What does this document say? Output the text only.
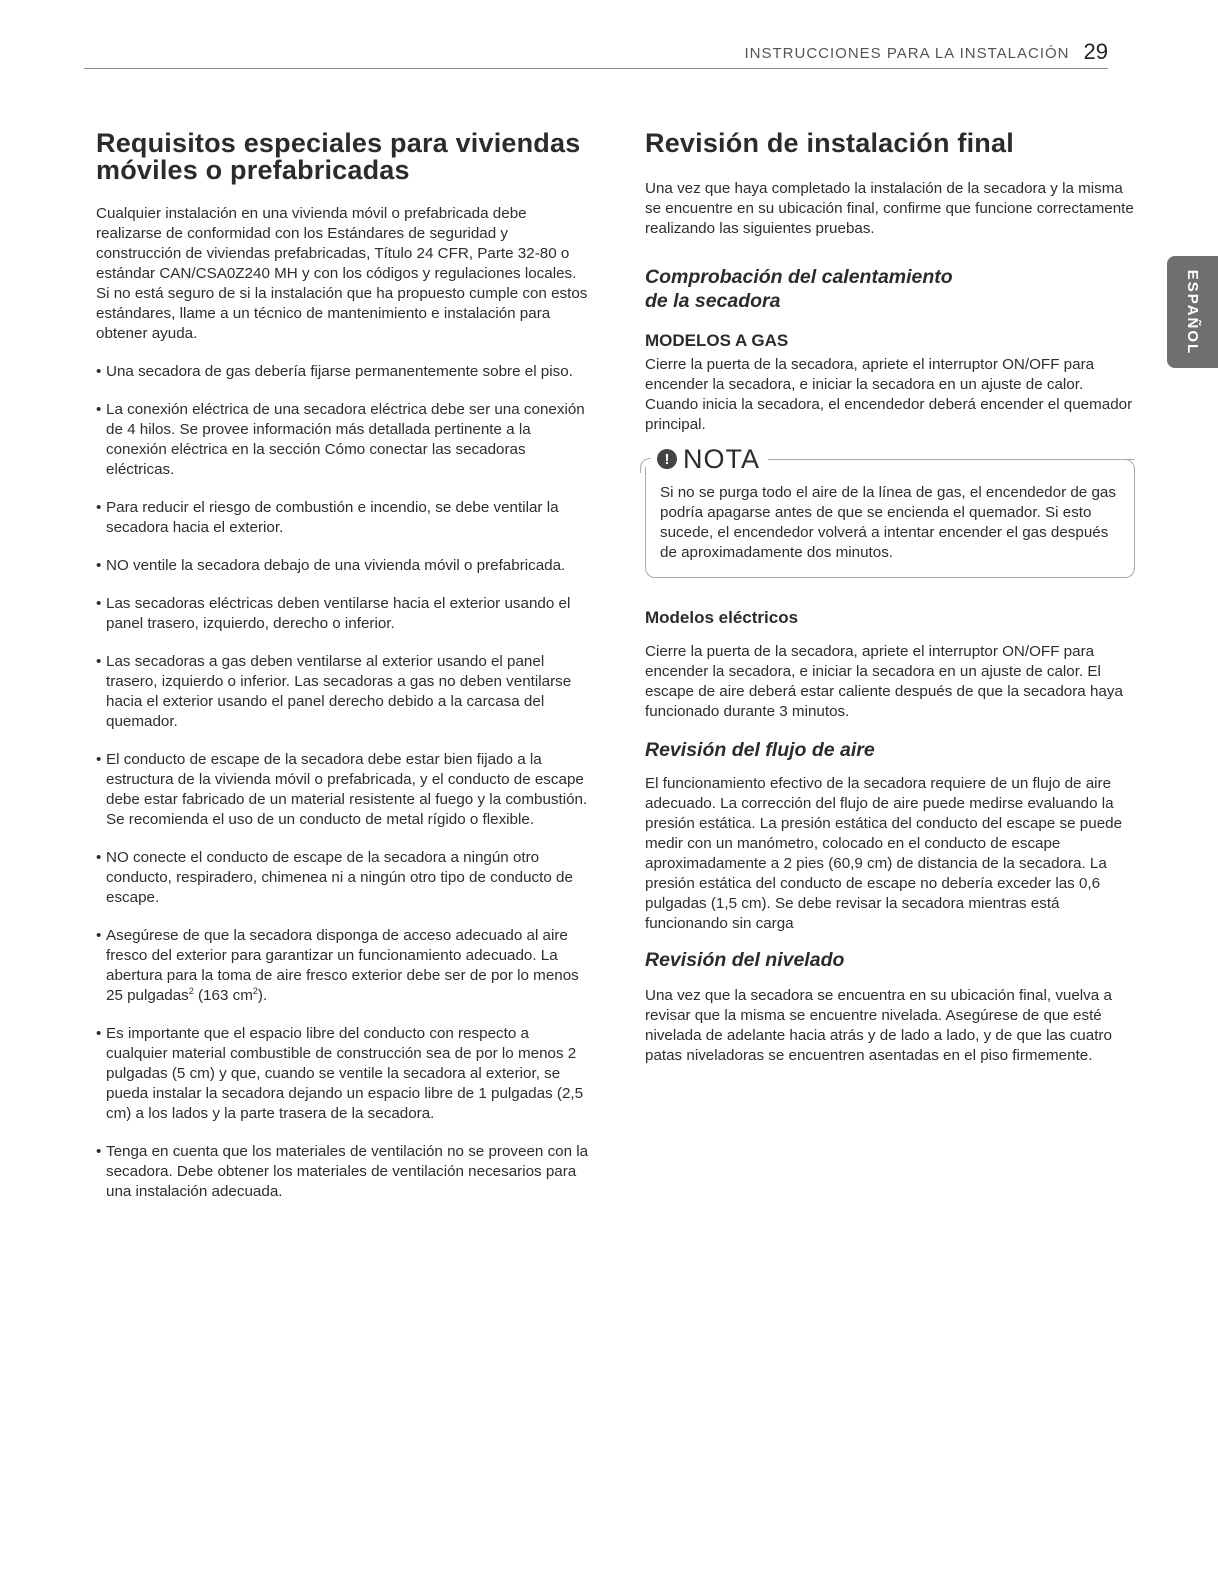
INSTRUCCIONES PARA LA INSTALACIÓN 29
ESPAÑOL
Requisitos especiales para viviendas
móviles o prefabricadas

Cualquier instalación en una vivienda móvil o prefabricada debe realizarse de conformidad con los Estándares de seguridad y construcción de viviendas prefabricadas, Título 24 CFR, Parte 32-80 o estándar CAN/CSA0Z240 MH y con los códigos y regulaciones locales. Si no está seguro de si la instalación que ha propuesto cumple con estos estándares, llame a un técnico de mantenimiento e instalación para obtener ayuda.

• Una secadora de gas debería fijarse permanentemente sobre el piso.
• La conexión eléctrica de una secadora eléctrica debe ser una conexión de 4 hilos. Se provee información más detallada pertinente a la conexión eléctrica en la sección Cómo conectar las secadoras eléctricas.
• Para reducir el riesgo de combustión e incendio, se debe ventilar la secadora hacia el exterior.
• NO ventile la secadora debajo de una vivienda móvil o prefabricada.
• Las secadoras eléctricas deben ventilarse hacia el exterior usando el panel trasero, izquierdo, derecho o inferior.
• Las secadoras a gas deben ventilarse al exterior usando el panel trasero, izquierdo o inferior. Las secadoras a gas no deben ventilarse hacia el exterior usando el panel derecho debido a la carcasa del quemador.
• El conducto de escape de la secadora debe estar bien fijado a la estructura de la vivienda móvil o prefabricada, y el conducto de escape debe estar fabricado de un material resistente al fuego y la combustión. Se recomienda el uso de un conducto de metal rígido o flexible.
• NO conecte el conducto de escape de la secadora a ningún otro conducto, respiradero, chimenea ni a ningún otro tipo de conducto de escape.
• Asegúrese de que la secadora disponga de acceso adecuado al aire fresco del exterior para garantizar un funcionamiento adecuado. La abertura para la toma de aire fresco exterior debe ser de por lo menos 25 pulgadas$^2$ (163 $cm^2$).
• Es importante que el espacio libre del conducto con respecto a cualquier material combustible de construcción sea de por lo menos 2 pulgadas (5 cm) y que, cuando se ventile la secadora al exterior, se pueda instalar la secadora dejando un espacio libre de 1 pulgadas (2,5 cm) a los lados y la parte trasera de la secadora.
• Tenga en cuenta que los materiales de ventilación no se proveen con la secadora. Debe obtener los materiales de ventilación necesarios para una instalación adecuada.
Revisión de instalación final

Una vez que haya completado la instalación de la secadora y la misma se encuentre en su ubicación final, confirme que funcione correctamente realizando las siguientes pruebas.

Comprobación del calentamiento
de la secadora

MODELOS A GAS

Cierre la puerta de la secadora, apriete el interruptor ON/OFF para encender la secadora, e iniciar la secadora en un ajuste de calor. Cuando inicia la secadora, el encendedor deberá encender el quemador principal.

! NOTA

Si no se purga todo el aire de la línea de gas, el encendedor de gas podría apagarse antes de que se encienda el quemador. Si esto sucede, el encendedor volverá a intentar encender el gas después de aproximadamente dos minutos.

Modelos eléctricos

Cierre la puerta de la secadora, apriete el interruptor ON/OFF para encender la secadora, e iniciar la secadora en un ajuste de calor. El escape de aire deberá estar caliente después de que la secadora haya funcionado durante 3 minutos.

Revisión del flujo de aire

El funcionamiento efectivo de la secadora requiere de un flujo de aire adecuado. La corrección del flujo de aire puede medirse evaluando la presión estática. La presión estática del conducto del escape se puede medir con un manómetro, colocado en el conducto de escape aproximadamente a 2 pies (60,9 cm) de distancia de la secadora. La presión estática del conducto de escape no debería exceder las 0,6 pulgadas (1,5 cm). Se debe revisar la secadora mientras está funcionando sin carga

Revisión del nivelado

Una vez que la secadora se encuentra en su ubicación final, vuelva a revisar que la misma se encuentre nivelada. Asegúrese de que esté nivelada de adelante hacia atrás y de lado a lado, y de que las cuatro patas niveladoras se encuentren asentadas en el piso firmemente.
